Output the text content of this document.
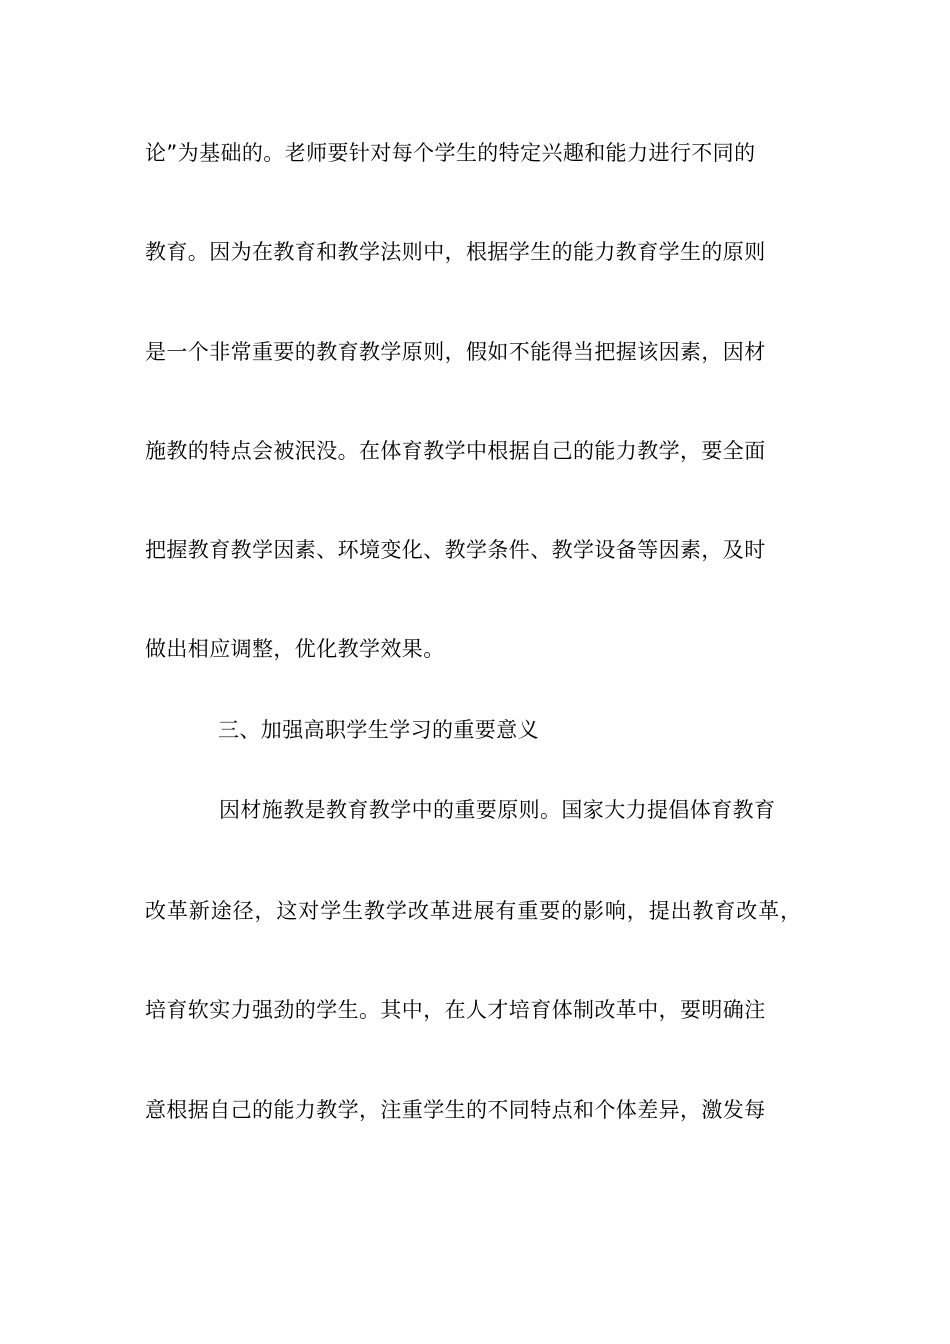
论”为基础的。老师要针对每个学生的特定兴趣和能力进行不同的
教育。因为在教育和教学法则中，根据学生的能力教育学生的原则
是一个非常重要的教育教学原则，假如不能得当把握该因素，因材
施教的特点会被泯没。在体育教学中根据自己的能力教学，要全面
把握教育教学因素、环境变化、教学条件、教学设备等因素，及时
做出相应调整，优化教学效果。
三、加强高职学生学习的重要意义
因材施教是教育教学中的重要原则。国家大力提倡体育教育
改革新途径，这对学生教学改革进展有重要的影响，提出教育改革，
培育软实力强劲的学生。其中，在人才培育体制改革中，要明确注
意根据自己的能力教学，注重学生的不同特点和个体差异，激发每
